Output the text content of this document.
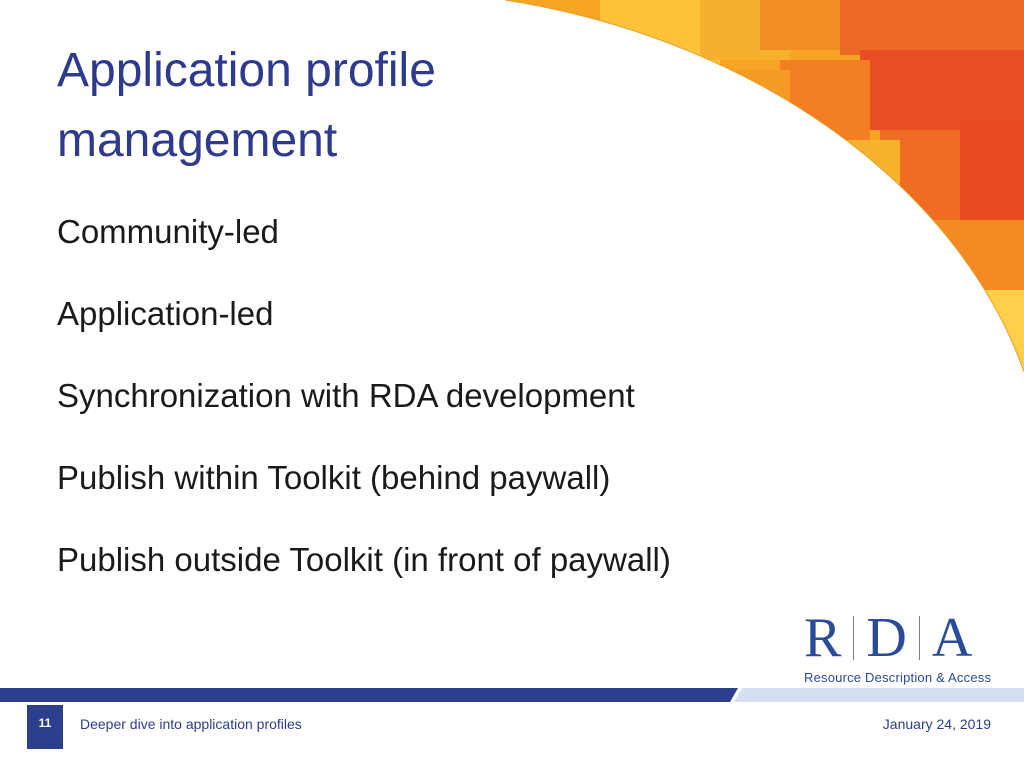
Application profile management
Community-led
Application-led
Synchronization with RDA development
Publish within Toolkit (behind paywall)
Publish outside Toolkit (in front of paywall)
R D A
Resource Description & Access
11	Deeper dive into application profiles	January 24, 2019
